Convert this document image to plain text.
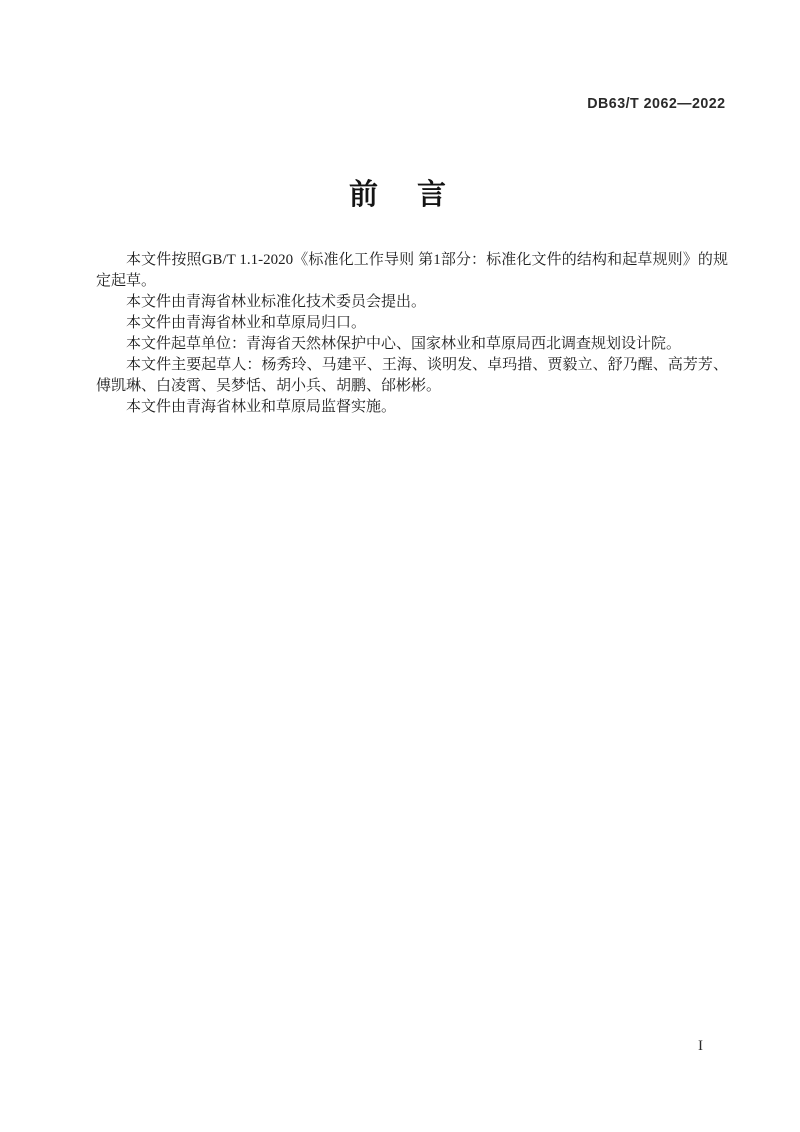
DB63/T 2062—2022
前　言

本文件按照GB/T 1.1-2020《标准化工作导则 第1部分：标准化文件的结构和起草规则》的规定起草。

本文件由青海省林业标准化技术委员会提出。

本文件由青海省林业和草原局归口。

本文件起草单位：青海省天然林保护中心、国家林业和草原局西北调查规划设计院。

本文件主要起草人：杨秀玲、马建平、王海、谈明发、卓玛措、贾毅立、舒乃醒、高芳芳、傅凯琳、白凌霄、吴梦恬、胡小兵、胡鹏、邰彬彬。

本文件由青海省林业和草原局监督实施。

I
